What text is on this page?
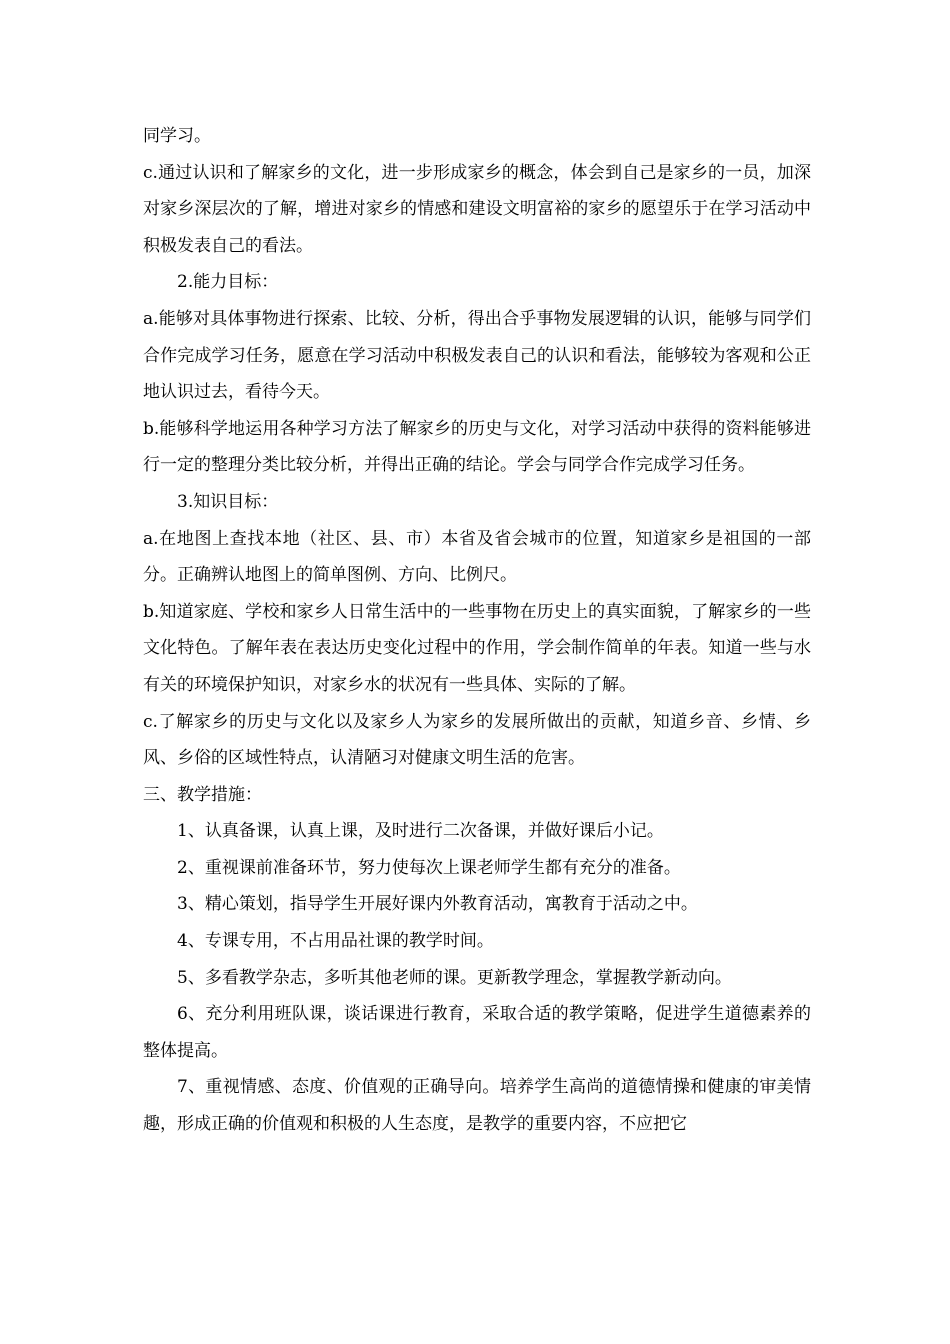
同学习。

c.通过认识和了解家乡的文化，进一步形成家乡的概念，体会到自己是家乡的一员，加深对家乡深层次的了解，增进对家乡的情感和建设文明富裕的家乡的愿望乐于在学习活动中积极发表自己的看法。

2.能力目标：

a.能够对具体事物进行探索、比较、分析，得出合乎事物发展逻辑的认识，能够与同学们合作完成学习任务，愿意在学习活动中积极发表自己的认识和看法，能够较为客观和公正地认识过去，看待今天。

b.能够科学地运用各种学习方法了解家乡的历史与文化，对学习活动中获得的资料能够进行一定的整理分类比较分析，并得出正确的结论。学会与同学合作完成学习任务。

3.知识目标：

a.在地图上查找本地（社区、县、市）本省及省会城市的位置，知道家乡是祖国的一部分。正确辨认地图上的简单图例、方向、比例尺。

b.知道家庭、学校和家乡人日常生活中的一些事物在历史上的真实面貌，了解家乡的一些文化特色。了解年表在表达历史变化过程中的作用，学会制作简单的年表。知道一些与水有关的环境保护知识，对家乡水的状况有一些具体、实际的了解。

c.了解家乡的历史与文化以及家乡人为家乡的发展所做出的贡献，知道乡音、乡情、乡风、乡俗的区域性特点，认清陋习对健康文明生活的危害。

三、教学措施：

1、认真备课，认真上课，及时进行二次备课，并做好课后小记。

2、重视课前准备环节，努力使每次上课老师学生都有充分的准备。

3、精心策划，指导学生开展好课内外教育活动，寓教育于活动之中。

4、专课专用，不占用品社课的教学时间。

5、多看教学杂志，多听其他老师的课。更新教学理念，掌握教学新动向。

6、充分利用班队课，谈话课进行教育，采取合适的教学策略，促进学生道德素养的整体提高。

7、重视情感、态度、价值观的正确导向。培养学生高尚的道德情操和健康的审美情趣，形成正确的价值观和积极的人生态度，是教学的重要内容，不应把它
